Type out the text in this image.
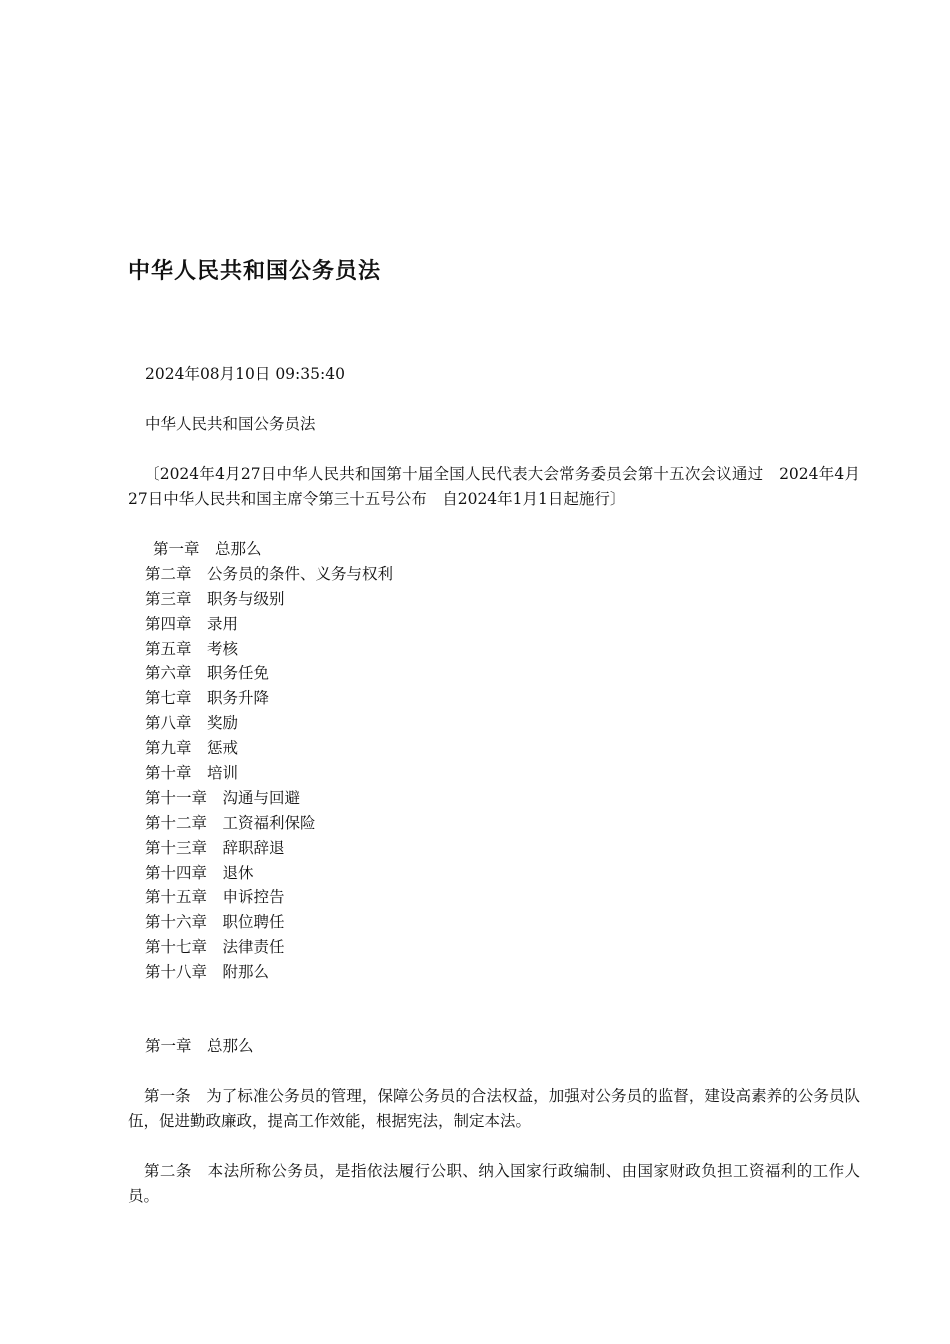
中华人民共和国公务员法
2024年08月10日 09:35:40
中华人民共和国公务员法
〔2024年4月27日中华人民共和国第十届全国人民代表大会常务委员会第十五次会议通过　2024年4月27日中华人民共和国主席令第三十五号公布　自2024年1月1日起施行〕
第一章　总那么
第二章　公务员的条件、义务与权利
第三章　职务与级别
第四章　录用
第五章　考核
第六章　职务任免
第七章　职务升降
第八章　奖励
第九章　惩戒
第十章　培训
第十一章　沟通与回避
第十二章　工资福利保险
第十三章　辞职辞退
第十四章　退休
第十五章　申诉控告
第十六章　职位聘任
第十七章　法律责任
第十八章　附那么
第一章　总那么
第一条　为了标准公务员的管理，保障公务员的合法权益，加强对公务员的监督，建设高素养的公务员队伍，促进勤政廉政，提高工作效能，根据宪法，制定本法。
第二条　本法所称公务员，是指依法履行公职、纳入国家行政编制、由国家财政负担工资福利的工作人员。
